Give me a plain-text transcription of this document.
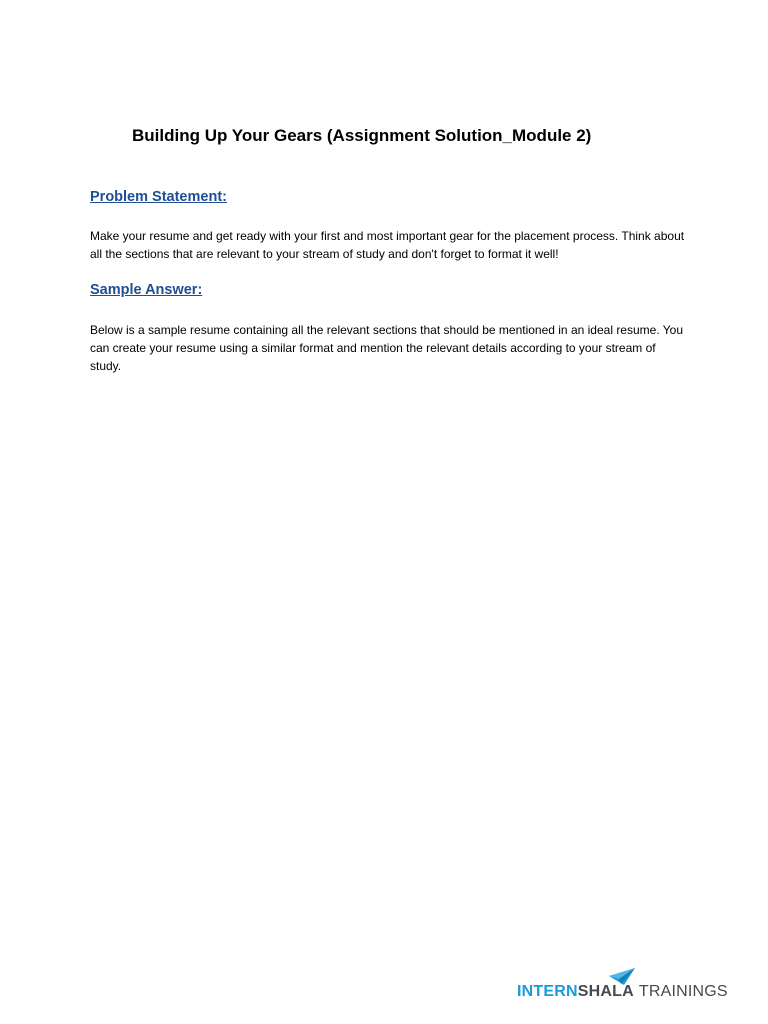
Building Up Your Gears (Assignment Solution_Module 2)
Problem Statement:

Make your resume and get ready with your first and most important gear for the placement process. Think about all the sections that are relevant to your stream of study and don't forget to format it well!

Sample Answer:

Below is a sample resume containing all the relevant sections that should be mentioned in an ideal resume. You can create your resume using a similar format and mention the relevant details according to your stream of study.

INTERNSHALA TRAININGS
